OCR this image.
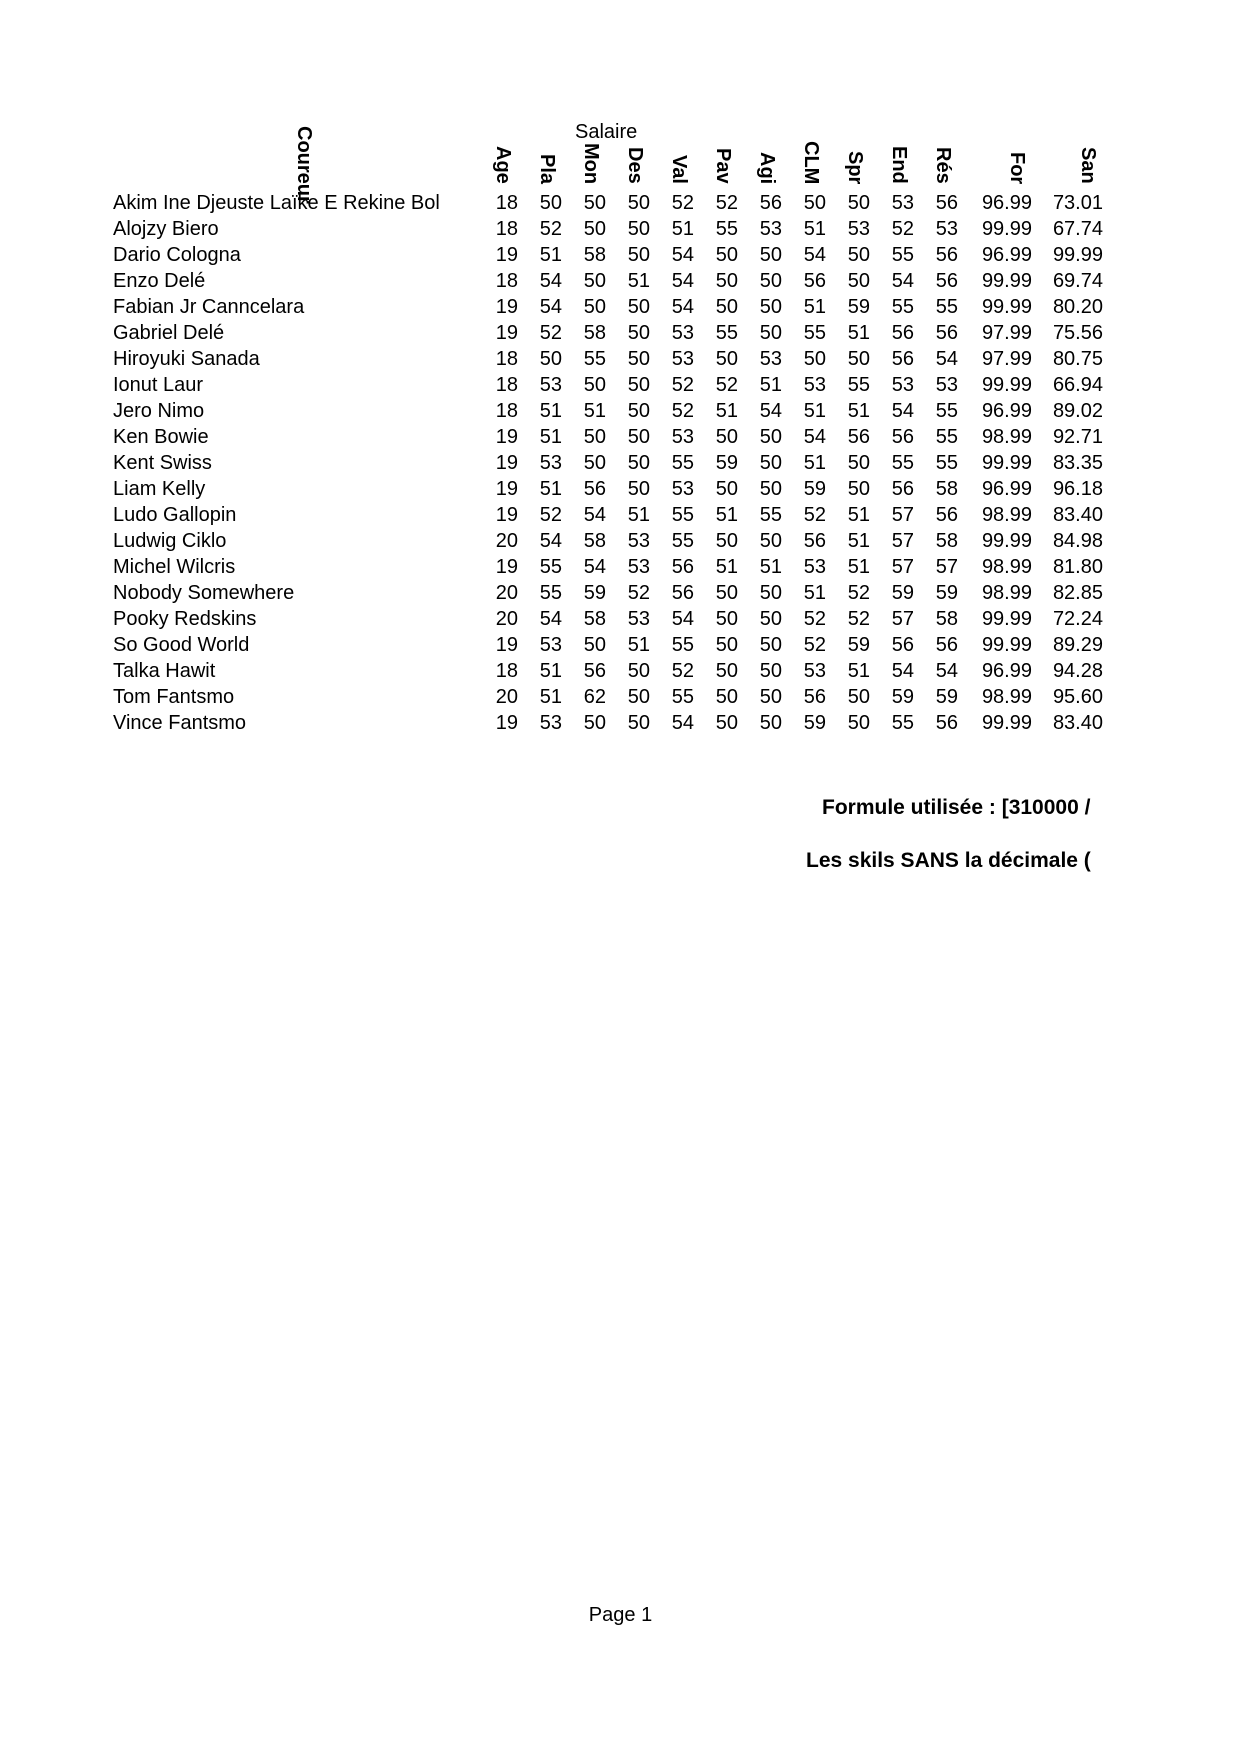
Salaire
Coureur	Age	Pla	Mon	Des	Val	Pav	Agi	CLM	Spr	End	Rés	For	San
Akim Ine Djeuste Laïke E Rekine Bol	18	50	50	50	52	52	56	50	50	53	56	96.99	73.01
Alojzy Biero	18	52	50	50	51	55	53	51	53	52	53	99.99	67.74
Dario Cologna	19	51	58	50	54	50	50	54	50	55	56	96.99	99.99
Enzo Delé	18	54	50	51	54	50	50	56	50	54	56	99.99	69.74
Fabian Jr Canncelara	19	54	50	50	54	50	50	51	59	55	55	99.99	80.20
Gabriel Delé	19	52	58	50	53	55	50	55	51	56	56	97.99	75.56
Hiroyuki Sanada	18	50	55	50	53	50	53	50	50	56	54	97.99	80.75
Ionut Laur	18	53	50	50	52	52	51	53	55	53	53	99.99	66.94
Jero Nimo	18	51	51	50	52	51	54	51	51	54	55	96.99	89.02
Ken Bowie	19	51	50	50	53	50	50	54	56	56	55	98.99	92.71
Kent Swiss	19	53	50	50	55	59	50	51	50	55	55	99.99	83.35
Liam Kelly	19	51	56	50	53	50	50	59	50	56	58	96.99	96.18
Ludo Gallopin	19	52	54	51	55	51	55	52	51	57	56	98.99	83.40
Ludwig Ciklo	20	54	58	53	55	50	50	56	51	57	58	99.99	84.98
Michel Wilcris	19	55	54	53	56	51	51	53	51	57	57	98.99	81.80
Nobody Somewhere	20	55	59	52	56	50	50	51	52	59	59	98.99	82.85
Pooky Redskins	20	54	58	53	54	50	50	52	52	57	58	99.99	72.24
So Good World	19	53	50	51	55	50	50	52	59	56	56	99.99	89.29
Talka Hawit	18	51	56	50	52	50	50	53	51	54	54	96.99	94.28
Tom Fantsmo	20	51	62	50	55	50	50	56	50	59	59	98.99	95.60
Vince Fantsmo	19	53	50	50	54	50	50	59	50	55	56	99.99	83.40
Formule utilisée : [310000 /
Les skils SANS la décimale (
Page 1
